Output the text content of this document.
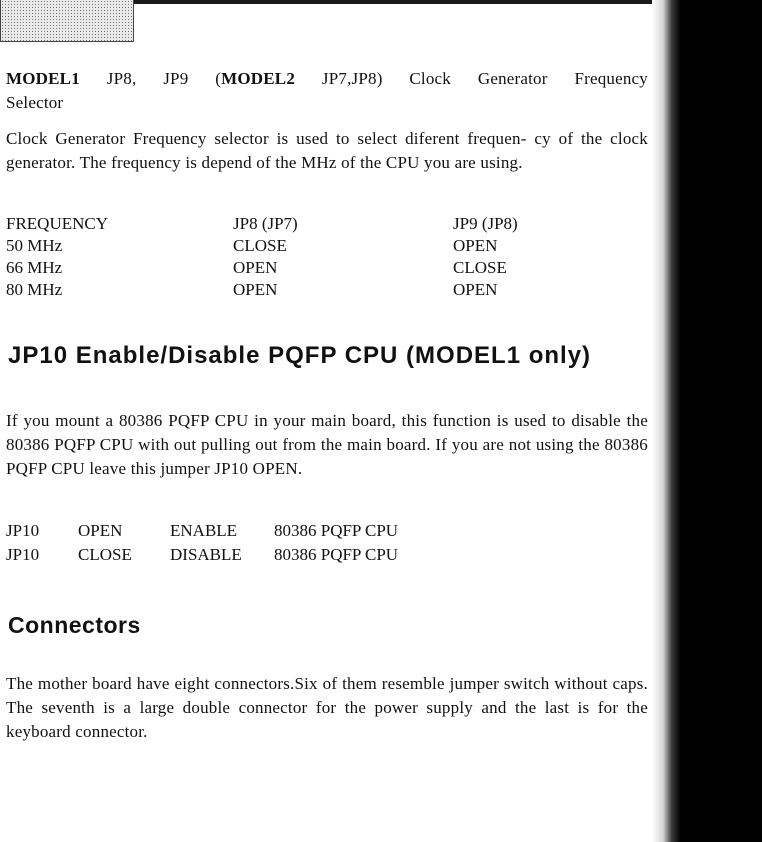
MODEL1 JP8, JP9 (MODEL2 JP7,JP8) Clock Generator Frequency

Selector

Clock Generator Frequency selector is used to select diferent frequen- cy of the clock generator. The frequency is depend of the MHz of the CPU you are using.

FREQUENCY
50 MHz
66 MHz
80 MHz
JP8 (JP7)
CLOSE
OPEN
OPEN
JP9 (JP8)
OPEN
CLOSE
OPEN
JP10 Enable/Disable PQFP CPU (MODEL1 only)

If you mount a 80386 PQFP CPU in your main board, this function is used to disable the 80386 PQFP CPU with out pulling out from the main board. If you are not using the 80386 PQFP CPU leave this jumper JP10 OPEN.

JP10 OPEN	ENABLE 80386 PQFP CPU
JP10 CLOSE DISABLE 80386 PQFP CPU
Connectors

The mother board have eight connectors.Six of them resemble jumper switch without caps. The seventh is a large double connector for the power supply and the last is for the keyboard connector.
